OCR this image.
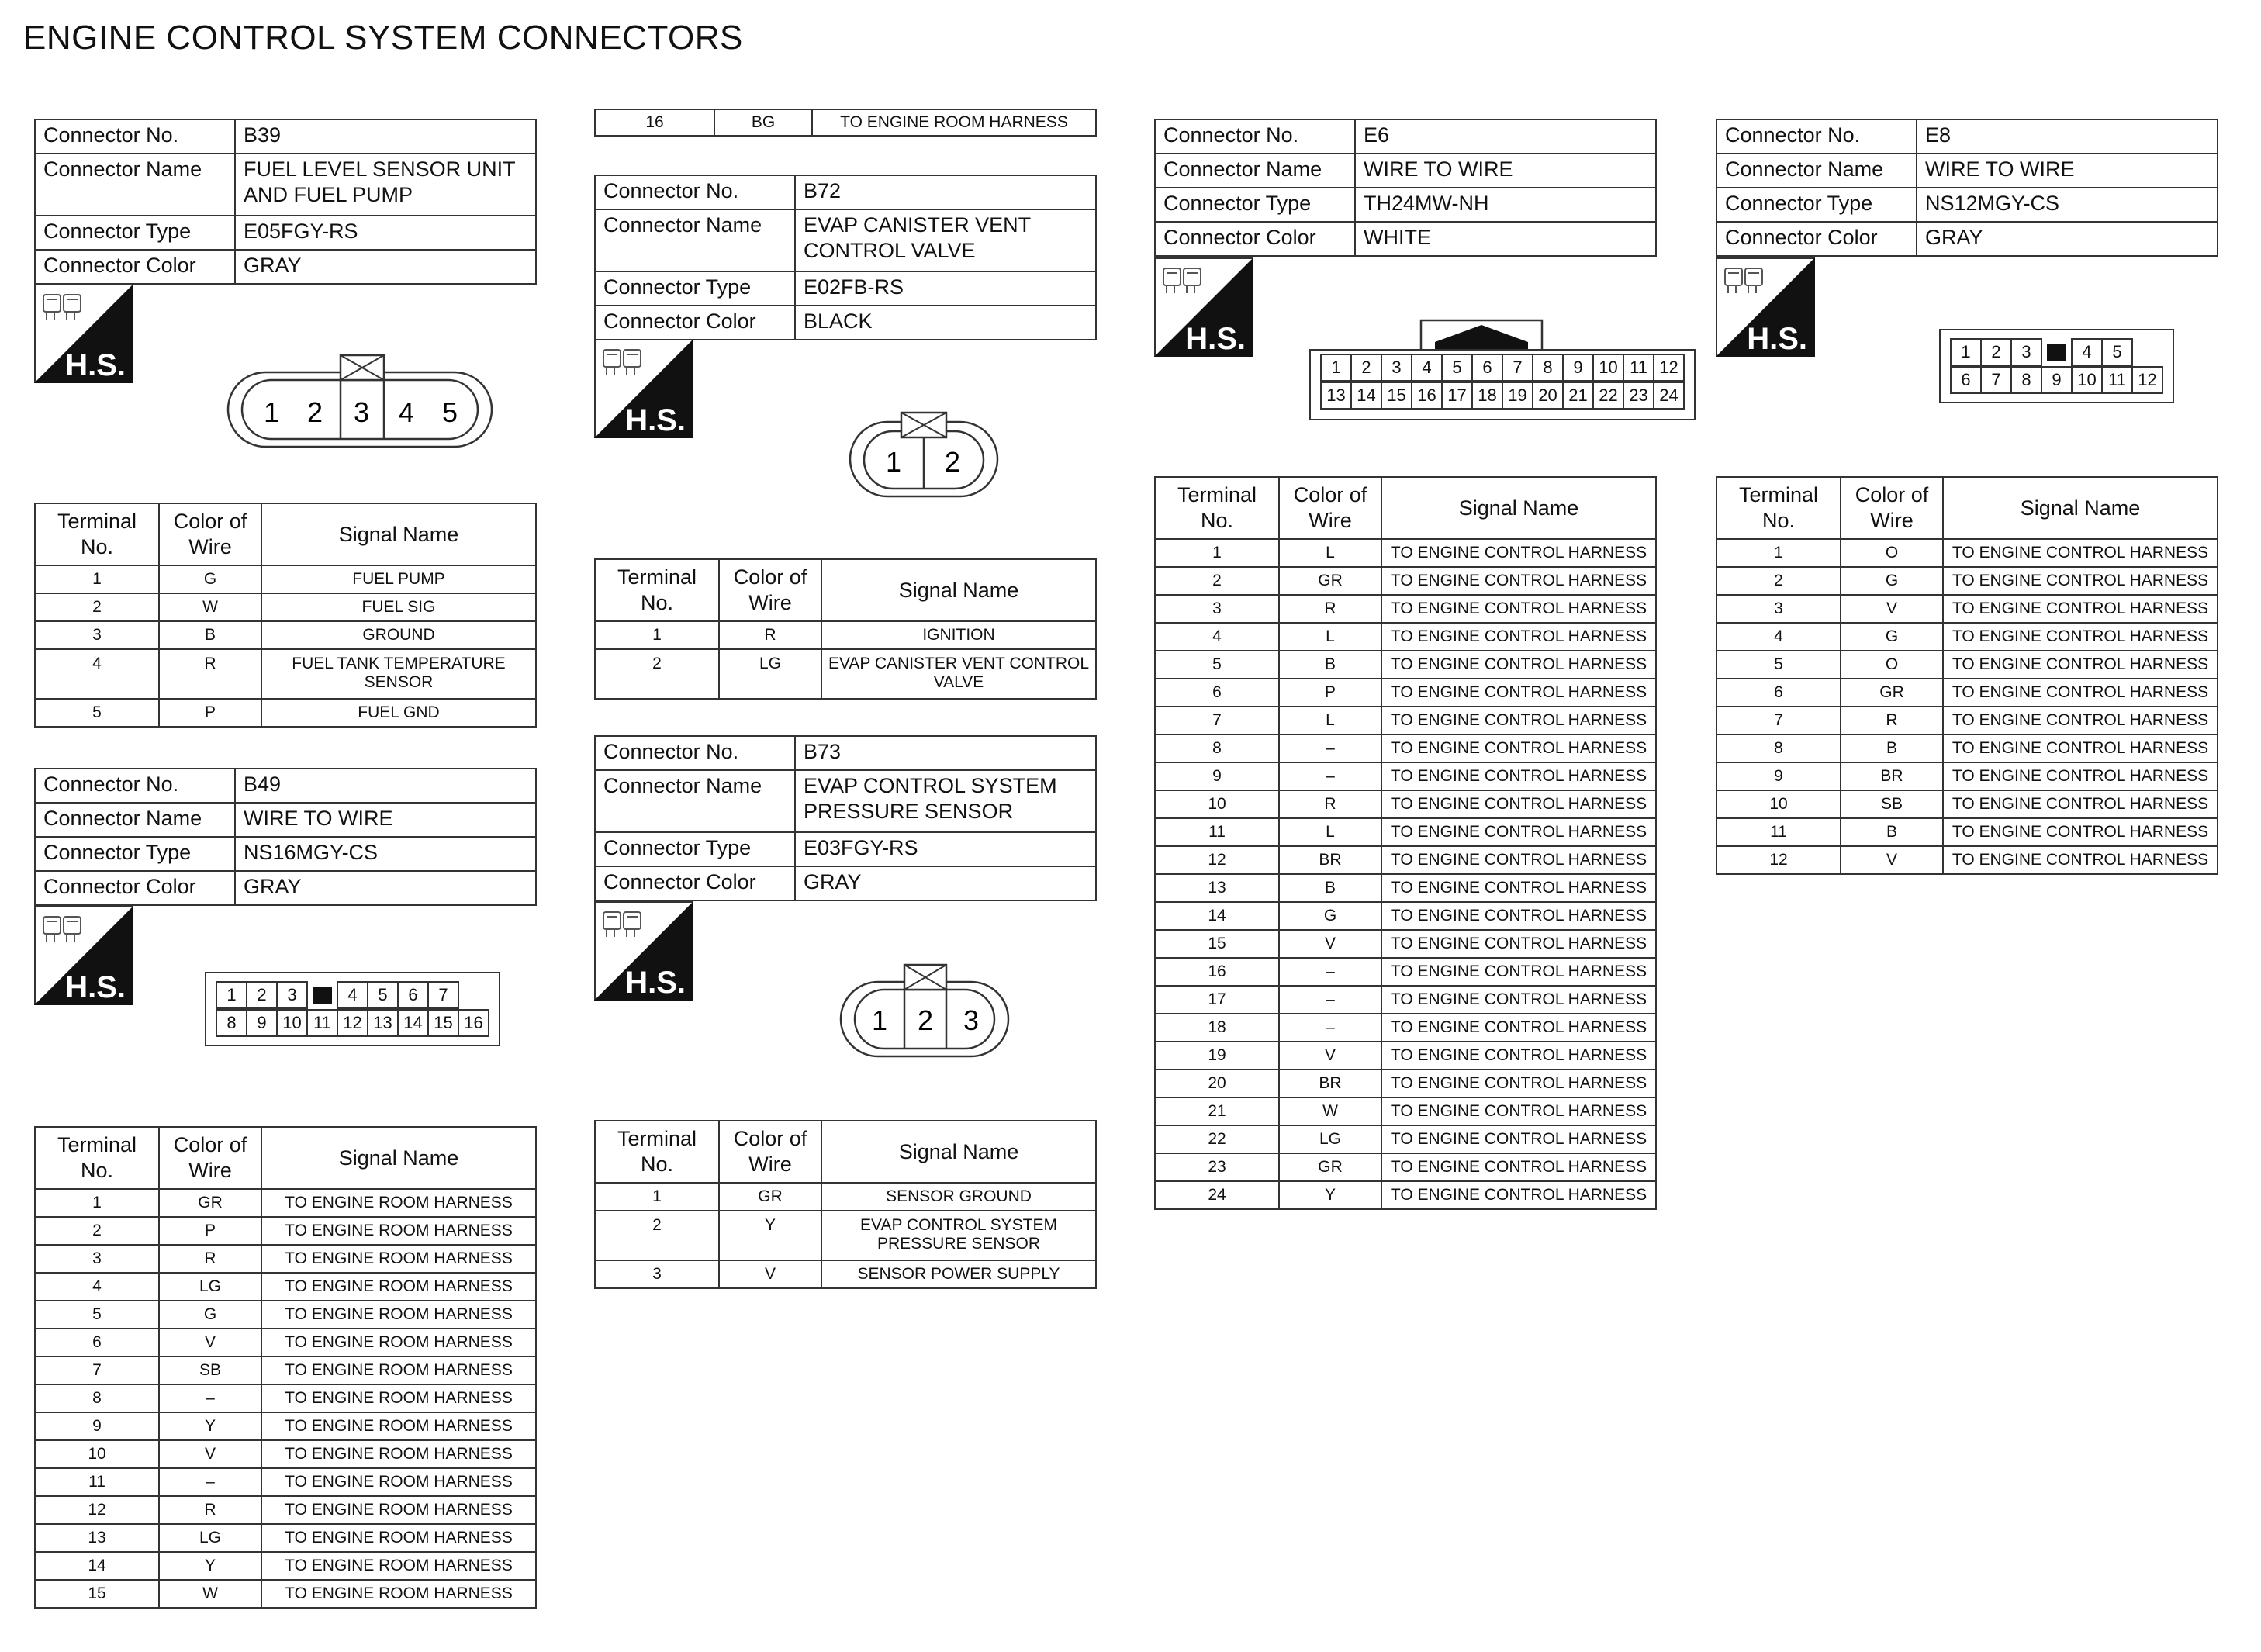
ENGINE CONTROL SYSTEM CONNECTORS
Connector No.	B39
Connector Name	FUEL LEVEL SENSOR UNIT AND FUEL PUMP
Connector Type	E05FGY-RS
Connector Color	GRAY
H.S.
1 2 3 4 5
Terminal No.	Color of Wire	Signal Name
1	G	FUEL PUMP
2	W	FUEL SIG
3	B	GROUND
4	R	FUEL TANK TEMPERATURE SENSOR
5	P	FUEL GND
Connector No.	B49
Connector Name	WIRE TO WIRE
Connector Type	NS16MGY-CS
Connector Color	GRAY
H.S.	1	2	3		4	5	6	7
8	9	10	11	12	13	14	15	16
Terminal No.	Color of Wire	Signal Name
1	GR	TO ENGINE ROOM HARNESS
2	P	TO ENGINE ROOM HARNESS
3	R	TO ENGINE ROOM HARNESS
4	LG	TO ENGINE ROOM HARNESS
5	G	TO ENGINE ROOM HARNESS
6	V	TO ENGINE ROOM HARNESS
7	SB	TO ENGINE ROOM HARNESS
8	–	TO ENGINE ROOM HARNESS
9	Y	TO ENGINE ROOM HARNESS
10	V	TO ENGINE ROOM HARNESS
11	–	TO ENGINE ROOM HARNESS
12	R	TO ENGINE ROOM HARNESS
13	LG	TO ENGINE ROOM HARNESS
14	Y	TO ENGINE ROOM HARNESS
15	W	TO ENGINE ROOM HARNESS
16	BG	TO ENGINE ROOM HARNESS
Connector No.	B72
Connector Name	EVAP CANISTER VENT CONTROL VALVE
Connector Type	E02FB-RS
Connector Color	BLACK
H.S.
1 2
Terminal No.	Color of Wire	Signal Name
1	R	IGNITION
2	LG	EVAP CANISTER VENT CONTROL VALVE
Connector No.	B73
Connector Name	EVAP CONTROL SYSTEM PRESSURE SENSOR
Connector Type	E03FGY-RS
Connector Color	GRAY
H.S.
1 2 3
Terminal No.	Color of Wire	Signal Name
1	GR	SENSOR GROUND
2	Y	EVAP CONTROL SYSTEM PRESSURE SENSOR
3	V	SENSOR POWER SUPPLY
Connector No.	E6
Connector Name	WIRE TO WIRE
Connector Type	TH24MW-NH
Connector Color	WHITE
H.S.
1	2	3	4	5	6	7	8	9	10	11	12
13	14	15	16	17	18	19	20	21	22	23	24
Terminal No.	Color of Wire	Signal Name
1	L	TO ENGINE CONTROL HARNESS
2	GR	TO ENGINE CONTROL HARNESS
3	R	TO ENGINE CONTROL HARNESS
4	L	TO ENGINE CONTROL HARNESS
5	B	TO ENGINE CONTROL HARNESS
6	P	TO ENGINE CONTROL HARNESS
7	L	TO ENGINE CONTROL HARNESS
8	–	TO ENGINE CONTROL HARNESS
9	–	TO ENGINE CONTROL HARNESS
10	R	TO ENGINE CONTROL HARNESS
11	L	TO ENGINE CONTROL HARNESS
12	BR	TO ENGINE CONTROL HARNESS
13	B	TO ENGINE CONTROL HARNESS
14	G	TO ENGINE CONTROL HARNESS
15	V	TO ENGINE CONTROL HARNESS
16	–	TO ENGINE CONTROL HARNESS
17	–	TO ENGINE CONTROL HARNESS
18	–	TO ENGINE CONTROL HARNESS
19	V	TO ENGINE CONTROL HARNESS
20	BR	TO ENGINE CONTROL HARNESS
21	W	TO ENGINE CONTROL HARNESS
22	LG	TO ENGINE CONTROL HARNESS
23	GR	TO ENGINE CONTROL HARNESS
24	Y	TO ENGINE CONTROL HARNESS
Connector No.	E8
Connector Name	WIRE TO WIRE
Connector Type	NS12MGY-CS
Connector Color	GRAY
H.S.	1	2	3		4	5
6	7	8	9	10	11	12
Terminal No.	Color of Wire	Signal Name
1	O	TO ENGINE CONTROL HARNESS
2	G	TO ENGINE CONTROL HARNESS
3	V	TO ENGINE CONTROL HARNESS
4	G	TO ENGINE CONTROL HARNESS
5	O	TO ENGINE CONTROL HARNESS
6	GR	TO ENGINE CONTROL HARNESS
7	R	TO ENGINE CONTROL HARNESS
8	B	TO ENGINE CONTROL HARNESS
9	BR	TO ENGINE CONTROL HARNESS
10	SB	TO ENGINE CONTROL HARNESS
11	B	TO ENGINE CONTROL HARNESS
12	V	TO ENGINE CONTROL HARNESS
